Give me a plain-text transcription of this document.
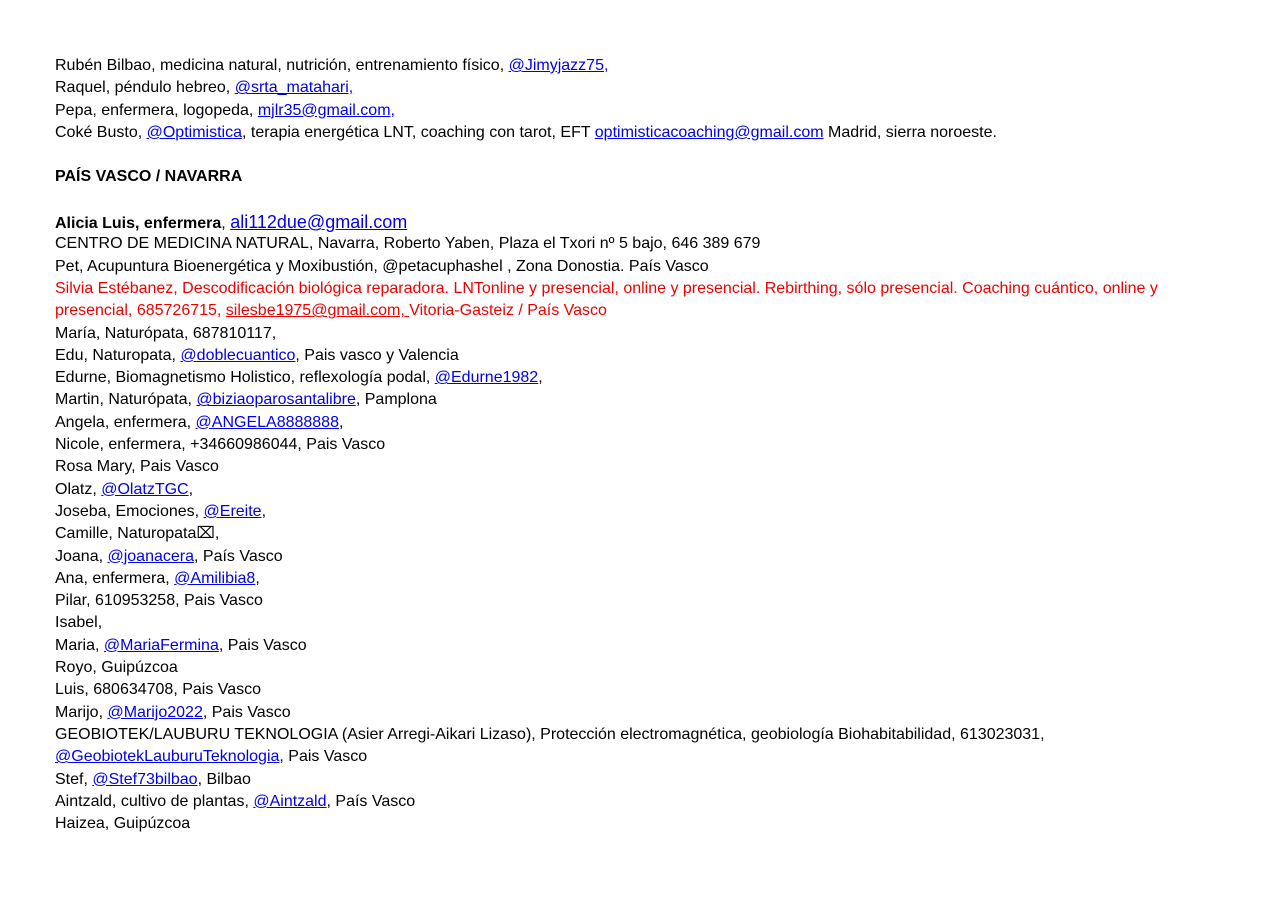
Rubén Bilbao, medicina natural, nutrición, entrenamiento físico, @Jimyjazz75,
Raquel, péndulo hebreo, @srta_matahari,
Pepa, enfermera, logopeda, mjlr35@gmail.com,
Coké Busto, @Optimistica, terapia energética LNT, coaching con tarot, EFT optimisticacoaching@gmail.com Madrid, sierra noroeste.
PAÍS VASCO / NAVARRA
Alicia Luis, enfermera, ali112due@gmail.com
CENTRO DE MEDICINA NATURAL, Navarra, Roberto Yaben, Plaza el Txori nº 5 bajo, 646 389 679
Pet, Acupuntura Bioenergética y Moxibustión, @petacuphashel , Zona Donostia. País Vasco
Silvia Estébanez, Descodificación biológica reparadora. LNTonline y presencial, online y presencial. Rebirthing, sólo presencial. Coaching cuántico, online y presencial, 685726715, silesbe1975@gmail.com, Vitoria-Gasteiz / País Vasco
María, Naturópata, 687810117,
Edu, Naturopata, @doblecuantico, Pais vasco y Valencia
Edurne, Biomagnetismo Holistico, reflexología podal, @Edurne1982,
Martin, Naturópata, @biziaoparosantalibre, Pamplona
Angela, enfermera, @ANGELA8888888,
Nicole, enfermera, +34660986044, Pais Vasco
Rosa Mary, Pais Vasco
Olatz, @OlatzTGC,
Joseba, Emociones, @Ereite,
Camille, Naturopata⌧,
Joana, @joanacera, País Vasco
Ana, enfermera, @Amilibia8,
Pilar, 610953258, Pais Vasco
Isabel,
Maria, @MariaFermina, Pais Vasco
Royo, Guipúzcoa
Luis, 680634708, Pais Vasco
Marijo, @Marijo2022, Pais Vasco
GEOBIOTEK/LAUBURU TEKNOLOGIA (Asier Arregi-Aikari Lizaso), Protección electromagnética, geobiología Biohabitabilidad, 613023031,
@GeobiotekLauburuTeknologia, Pais Vasco
Stef, @Stef73bilbao, Bilbao
Aintzald, cultivo de plantas, @Aintzald, País Vasco
Haizea, Guipúzcoa
